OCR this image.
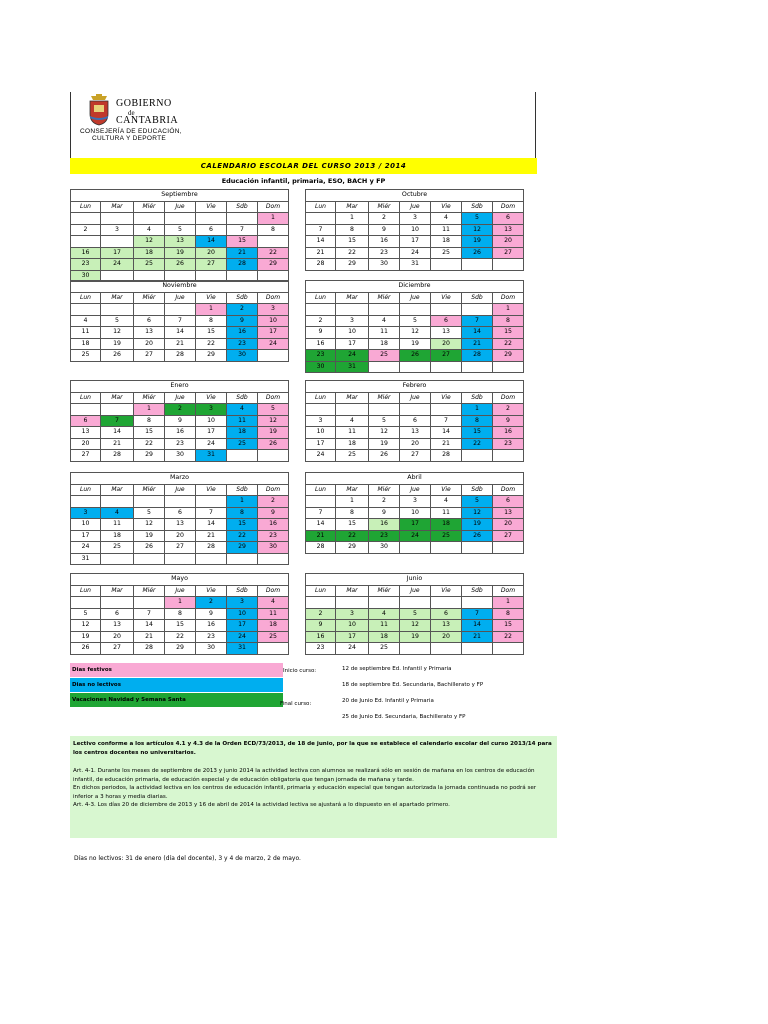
GOBIERNO
de
CANTABRIA
CONSEJERÍA DE EDUCACIÓN,
CULTURA Y DEPORTE
CALENDARIO ESCOLAR DEL CURSO 2013 / 2014
Educación infantil, primaria, ESO, BACH y FP
Septiembre						
Lun	Mar	Miér	Jue	Vie	Sdb	Dom
						1
2	3	4	5	6	7	8
		12	13	14	15	
16	17	18	19	20	21	22
23	24	25	26	27	28	29
30						
Octubre						
Lun	Mar	Miér	Jue	Vie	Sdb	Dom
	1	2	3	4	5	6
7	8	9	10	11	12	13
14	15	16	17	18	19	20
21	22	23	24	25	26	27
28	29	30	31			
Noviembre						
Lun	Mar	Miér	Jue	Vie	Sdb	Dom
				1	2	3
4	5	6	7	8	9	10
11	12	13	14	15	16	17
18	19	20	21	22	23	24
25	26	27	28	29	30	
Diciembre						
Lun	Mar	Miér	Jue	Vie	Sdb	Dom
						1
2	3	4	5	6	7	8
9	10	11	12	13	14	15
16	17	18	19	20	21	22
23	24	25	26	27	28	29
30	31					
Enero						
Lun	Mar	Miér	Jue	Vie	Sdb	Dom
		1	2	3	4	5
6	7	8	9	10	11	12
13	14	15	16	17	18	19
20	21	22	23	24	25	26
27	28	29	30	31		
Febrero						
Lun	Mar	Miér	Jue	Vie	Sdb	Dom
					1	2
3	4	5	6	7	8	9
10	11	12	13	14	15	16
17	18	19	20	21	22	23
24	25	26	27	28		
Marzo						
Lun	Mar	Miér	Jue	Vie	Sdb	Dom
					1	2
3	4	5	6	7	8	9
10	11	12	13	14	15	16
17	18	19	20	21	22	23
24	25	26	27	28	29	30
31						
Abril						
Lun	Mar	Miér	Jue	Vie	Sdb	Dom
	1	2	3	4	5	6
7	8	9	10	11	12	13
14	15	16	17	18	19	20
21	22	23	24	25	26	27
28	29	30				
Mayo						
Lun	Mar	Miér	Jue	Vie	Sdb	Dom
			1	2	3	4
5	6	7	8	9	10	11
12	13	14	15	16	17	18
19	20	21	22	23	24	25
26	27	28	29	30	31	
Junio						
Lun	Mar	Miér	Jue	Vie	Sdb	Dom
						1
2	3	4	5	6	7	8
9	10	11	12	13	14	15
16	17	18	19	20	21	22
23	24	25				
Dias festivos
Dias no lectivos
Vacaciones Navidad y Semana Santa
Inicio curso:	12 de septiembre Ed. Infantil y Primaria
18 de septiembre Ed. Secundaria, Bachillerato y FP
Final curso:	20 de Junio Ed. Infantil y Primaria
25 de Junio Ed. Secundaria, Bachillerato y FP

Lectivo conforme a los artículos 4.1 y 4.3 de la Orden ECD/73/2013, de 18 de junio, por la que se establece el calendario escolar del curso 2013/14 para los centros docentes no universitarios.

Art. 4-1. Durante los meses de septiembre de 2013 y junio 2014 la actividad lectiva con alumnos se realizará sólo en sesión de mañana en los centros de educación infantil, de educación primaria, de educación especial y de educación obligatoria que tengan jornada de mañana y tarde.

En dichos periodos, la actividad lectiva en los centros de educación infantil, primaria y educación especial que tengan autorizada la jornada continuada no podrá ser inferior a 3 horas y media diarias.

Art. 4-3. Los días 20 de diciembre de 2013 y 16 de abril de 2014 la actividad lectiva se ajustará a lo dispuesto en el apartado primero.

Días no lectivos: 31 de enero (día del docente), 3 y 4 de marzo, 2 de mayo.
